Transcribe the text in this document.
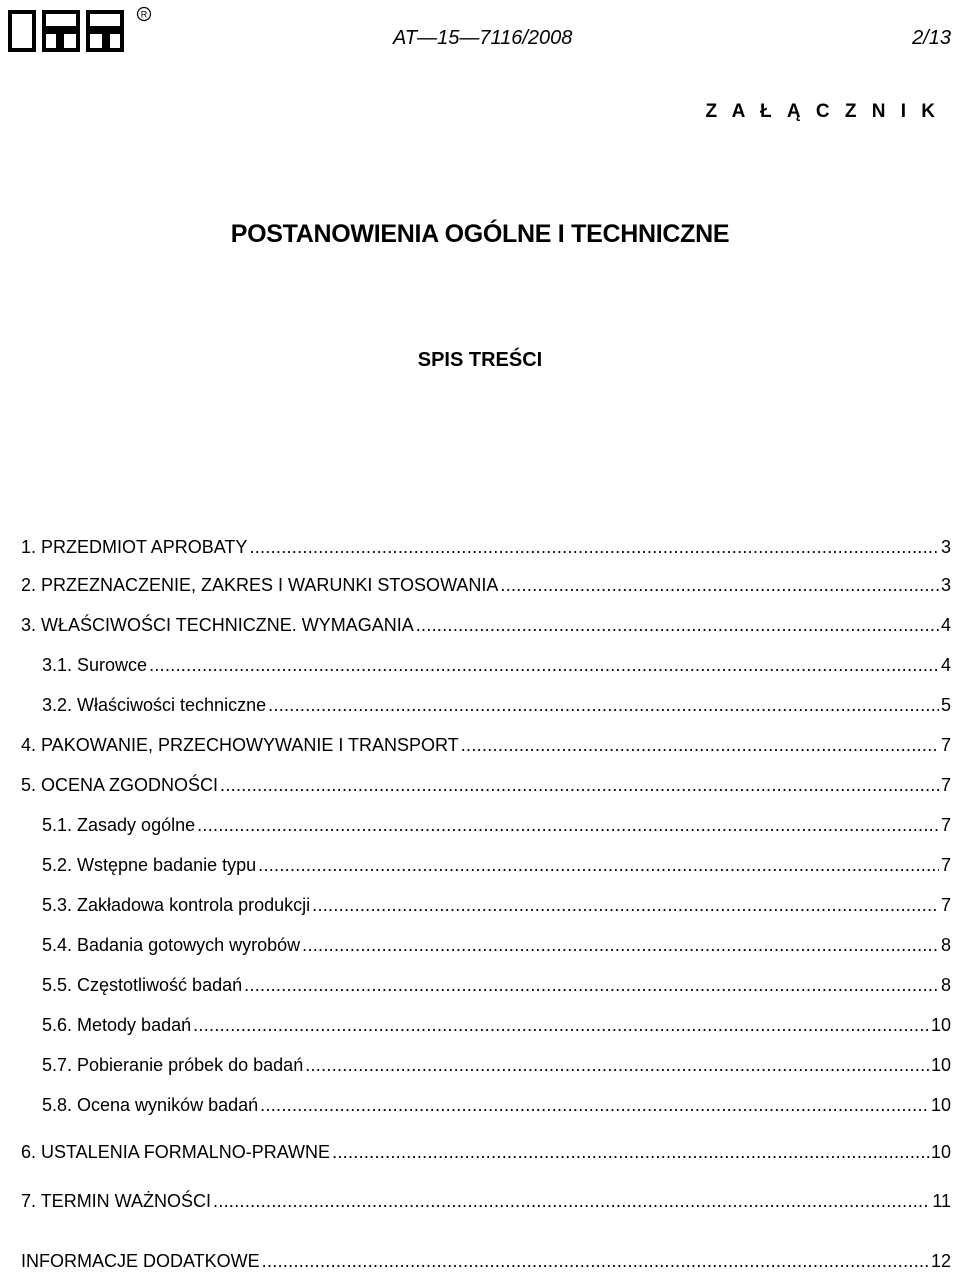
R
AT—15—7116/2008	2/13
Z A Ł Ą C Z N I K
POSTANOWIENIA OGÓLNE I TECHNICZNE
SPIS TREŚCI
1. PRZEDMIOT APROBATY .....	3
2. PRZEZNACZENIE, ZAKRES I WARUNKI STOSOWANIA .....	3
3. WŁAŚCIWOŚCI TECHNICZNE. WYMAGANIA .....	4
3.1. Surowce .....	4
3.2. Właściwości techniczne .....	5
4. PAKOWANIE, PRZECHOWYWANIE I TRANSPORT .....	7
5. OCENA ZGODNOŚCI .....	7
5.1. Zasady ogólne .....	7
5.2. Wstępne badanie typu .....	7
5.3. Zakładowa kontrola produkcji .....	7
5.4. Badania gotowych wyrobów .....	8
5.5. Częstotliwość badań .....	8
5.6. Metody badań .....	10
5.7. Pobieranie próbek do badań .....	10
5.8. Ocena wyników badań .....	10
6. USTALENIA FORMALNO-PRAWNE .....	10
7. TERMIN WAŻNOŚCI .....	11
INFORMACJE DODATKOWE .....	12
